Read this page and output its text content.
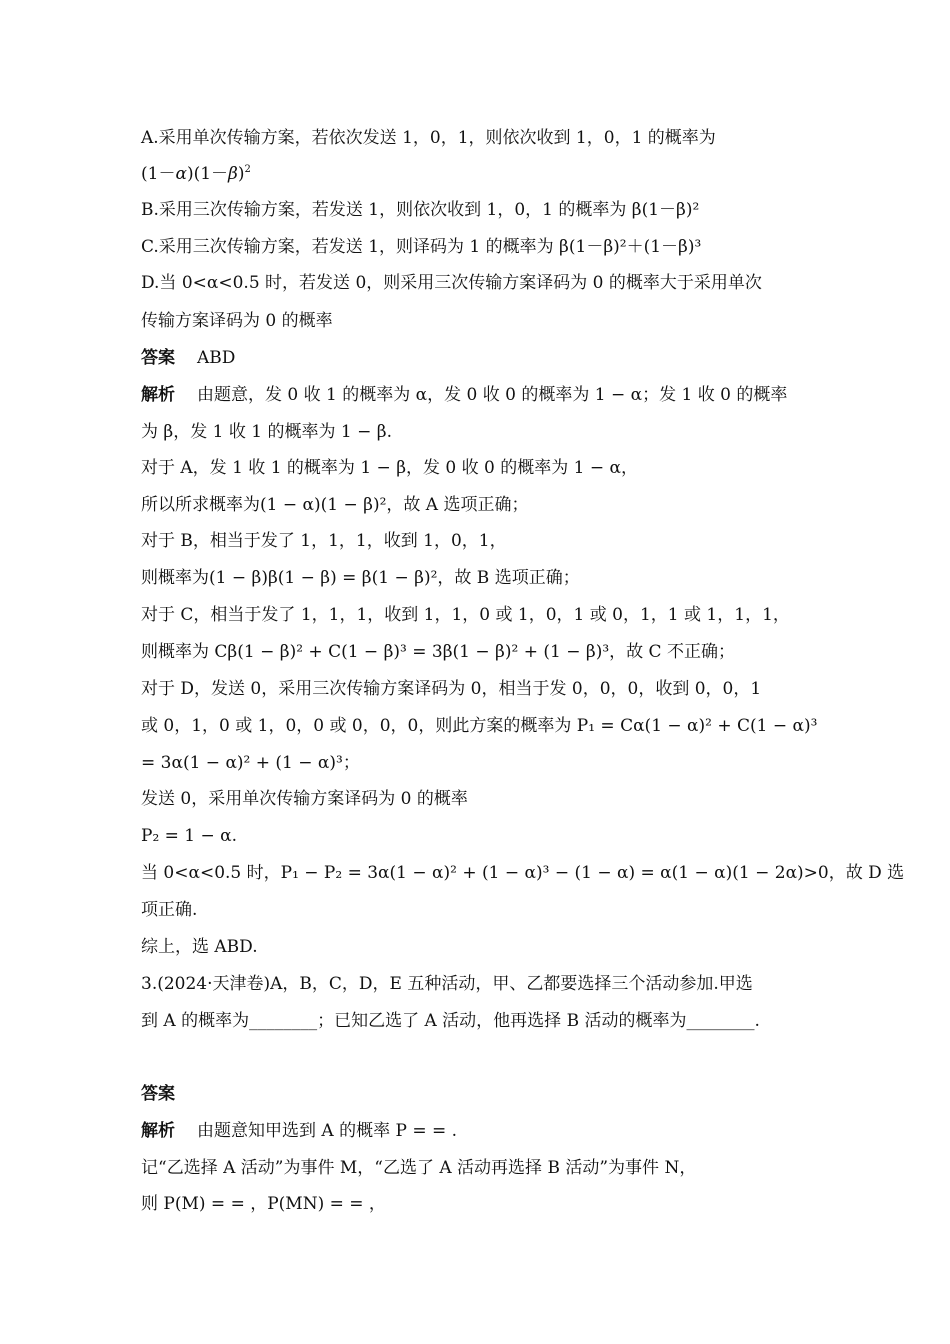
A.采用单次传输方案，若依次发送 1，0，1，则依次收到 1，0，1 的概率为
$(1-\alpha)(1-\beta)^2$
B.采用三次传输方案，若发送 1，则依次收到 1，0，1 的概率为 β(1－β)²
C.采用三次传输方案，若发送 1，则译码为 1 的概率为 β(1－β)²＋(1－β)³
D.当 0<α<0.5 时，若发送 0，则采用三次传输方案译码为 0 的概率大于采用单次
传输方案译码为 0 的概率
答案 ABD
解析 由题意，发 0 收 1 的概率为 α，发 0 收 0 的概率为 1 − α；发 1 收 0 的概率
为 β，发 1 收 1 的概率为 1 − β.
对于 A，发 1 收 1 的概率为 1 − β，发 0 收 0 的概率为 1 − α，
所以所求概率为(1 − α)(1 − β)²，故 A 选项正确；
对于 B，相当于发了 1，1，1，收到 1，0，1，
则概率为(1 − β)β(1 − β) = β(1 − β)²，故 B 选项正确；
对于 C，相当于发了 1，1，1，收到 1，1，0 或 1，0，1 或 0，1，1 或 1，1，1，
则概率为 Cβ(1 − β)² + C(1 − β)³ = 3β(1 − β)² + (1 − β)³，故 C 不正确；
对于 D，发送 0，采用三次传输方案译码为 0，相当于发 0，0，0，收到 0，0，1
或 0，1，0 或 1，0，0 或 0，0，0，则此方案的概率为 P₁ = Cα(1 − α)² + C(1 − α)³
= 3α(1 − α)² + (1 − α)³；
发送 0，采用单次传输方案译码为 0 的概率
P₂ = 1 − α.
当 0<α<0.5 时，P₁ − P₂ = 3α(1 − α)² + (1 − α)³ − (1 − α) = α(1 − α)(1 − 2α)>0，故 D 选
项正确.
综上，选 ABD.
3.(2024·天津卷)A，B，C，D，E 五种活动，甲、乙都要选择三个活动参加.甲选
到 A 的概率为________；已知乙选了 A 活动，他再选择 B 活动的概率为________.
答案
解析 由题意知甲选到 A 的概率 P = = .
记“乙选择 A 活动”为事件 M，“乙选了 A 活动再选择 B 活动”为事件 N，
则 P(M) = = ，P(MN) = = ，
